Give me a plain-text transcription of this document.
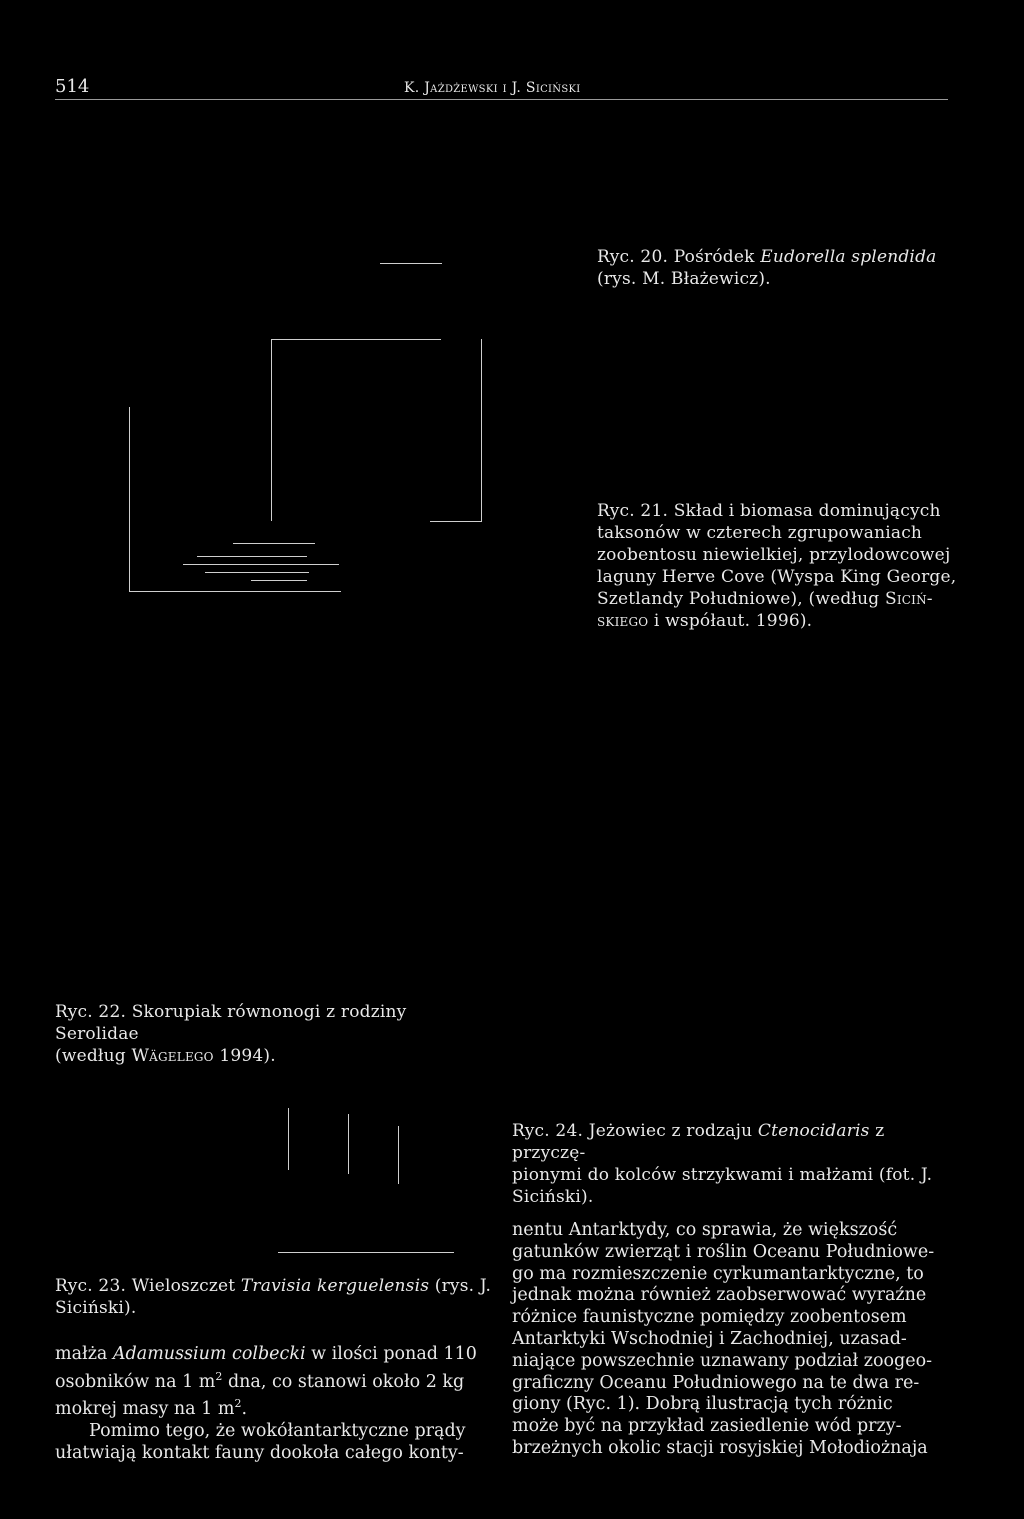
514	K. Jażdżewski i J. Siciński
Ryc. 20. Pośródek Eudorella splendida
(rys. M. Błażewicz).
Ryc. 21. Skład i biomasa dominujących
taksonów w czterech zgrupowaniach
zoobentosu niewielkiej, przylodowcowej
laguny Herve Cove (Wyspa King George,
Szetlandy Południowe), (według Siciń-
skiego i współaut. 1996).
Ryc. 22. Skorupiak równonogi z rodziny Serolidae
(według Wägelego 1994).
Ryc. 23. Wieloszczet Travisia kerguelensis (rys. J.
Siciński).
Ryc. 24. Jeżowiec z rodzaju Ctenocidaris z przyczę-
pionymi do kolców strzykwami i małżami (fot. J.
Siciński).
małża Adamussium colbecki w ilości ponad 110
osobników na 1 $m^2$ dna, co stanowi około 2 kg
mokrej masy na 1 $m^2$.
Pomimo tego, że wokółantarktyczne prądy
ułatwiają kontakt fauny dookoła całego konty-
nentu Antarktydy, co sprawia, że większość
gatunków zwierząt i roślin Oceanu Południowe-
go ma rozmieszczenie cyrkumantarktyczne, to
jednak można również zaobserwować wyraźne
różnice faunistyczne pomiędzy zoobentosem
Antarktyki Wschodniej i Zachodniej, uzasad-
niające powszechnie uznawany podział zoogeo-
graficzny Oceanu Południowego na te dwa re-
giony (Ryc. 1). Dobrą ilustracją tych różnic
może być na przykład zasiedlenie wód przy-
brzeżnych okolic stacji rosyjskiej Mołodiożnaja
